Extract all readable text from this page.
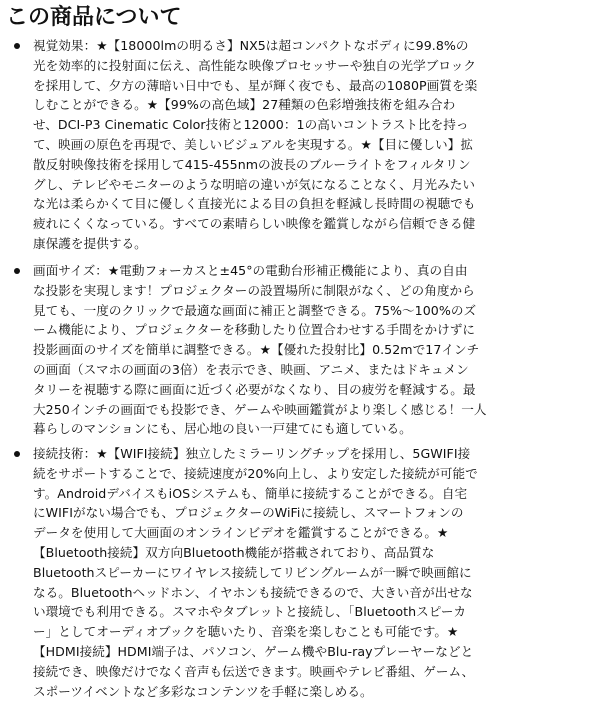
この商品について
視覚効果：★【18000lmの明るさ】NX5は超コンパクトなボディに99.8%の
光を効率的に投射面に伝え、高性能な映像プロセッサーや独自の光学ブロック
を採用して、夕方の薄暗い日中でも、星が輝く夜でも、最高の1080P画質を楽
しむことができる。★【99%の高色域】27種類の色彩増強技術を組み合わ
せ、DCI-P3 Cinematic Color技術と12000：1の高いコントラスト比を持っ
て、映画の原色を再現で、美しいビジュアルを実現する。★【目に優しい】拡
散反射映像技術を採用して415-455nmの波長のブルーライトをフィルタリン
グし、テレビやモニターのような明暗の違いが気になることなく、月光みたい
な光は柔らかくて目に優しく直接光による目の負担を軽減し長時間の視聴でも
疲れにくくなっている。すべての素晴らしい映像を鑑賞しながら信頼できる健
康保護を提供する。
画面サイズ：★電動フォーカスと±45°の電動台形補正機能により、真の自由
な投影を実現します！プロジェクターの設置場所に制限がなく、どの角度から
見ても、一度のクリックで最適な画面に補正と調整できる。75%～100%のズ
ーム機能により、プロジェクターを移動したり位置合わせする手間をかけずに
投影画面のサイズを簡単に調整できる。★【優れた投射比】0.52mで17インチ
の画面（スマホの画面の3倍）を表示でき、映画、アニメ、またはドキュメン
タリーを視聴する際に画面に近づく必要がなくなり、目の疲労を軽減する。最
大250インチの画面でも投影でき、ゲームや映画鑑賞がより楽しく感じる！一人
暮らしのマンションにも、居心地の良い一戸建てにも適している。
接続技術：★【WIFI接続】独立したミラーリングチップを採用し、5GWIFI接
続をサポートすることで、接続速度が20%向上し、より安定した接続が可能で
す。AndroidデバイスもiOSシステムも、簡単に接続することができる。自宅
にWIFIがない場合でも、プロジェクターのWiFiに接続し、スマートフォンの
データを使用して大画面のオンラインビデオを鑑賞することができる。★
【Bluetooth接続】双方向Bluetooth機能が搭載されており、高品質な
Bluetoothスピーカーにワイヤレス接続してリビングルームが一瞬で映画館に
なる。Bluetoothヘッドホン、イヤホンも接続できるので、大きい音が出せな
い環境でも利用できる。スマホやタブレットと接続し、「Bluetoothスピーカ
ー」としてオーディオブックを聴いたり、音楽を楽しむことも可能です。★
【HDMI接続】HDMI端子は、パソコン、ゲーム機やBlu-rayプレーヤーなどと
接続でき、映像だけでなく音声も伝送できます。映画やテレビ番組、ゲーム、
スポーツイベントなど多彩なコンテンツを手軽に楽しめる。
